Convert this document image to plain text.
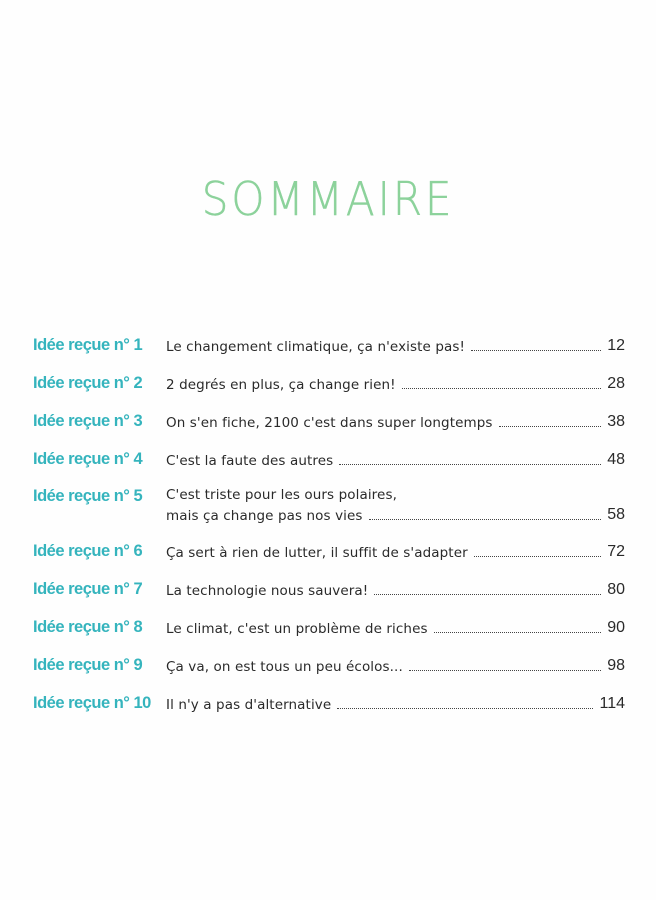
SOMMAIRE
Idée reçue n° 1	Le changement climatique, ça n'existe pas!	12
Idée reçue n° 2	2 degrés en plus, ça change rien!	28
Idée reçue n° 3	On s'en fiche, 2100 c'est dans super longtemps	38
Idée reçue n° 4	C'est la faute des autres	48
Idée reçue n° 5	C'est triste pour les ours polaires,
mais ça change pas nos vies	58
Idée reçue n° 6	Ça sert à rien de lutter, il suffit de s'adapter	72
Idée reçue n° 7	La technologie nous sauvera!	80
Idée reçue n° 8	Le climat, c'est un problème de riches	90
Idée reçue n° 9	Ça va, on est tous un peu écolos...	98
Idée reçue n° 10	Il n'y a pas d'alternative	114
